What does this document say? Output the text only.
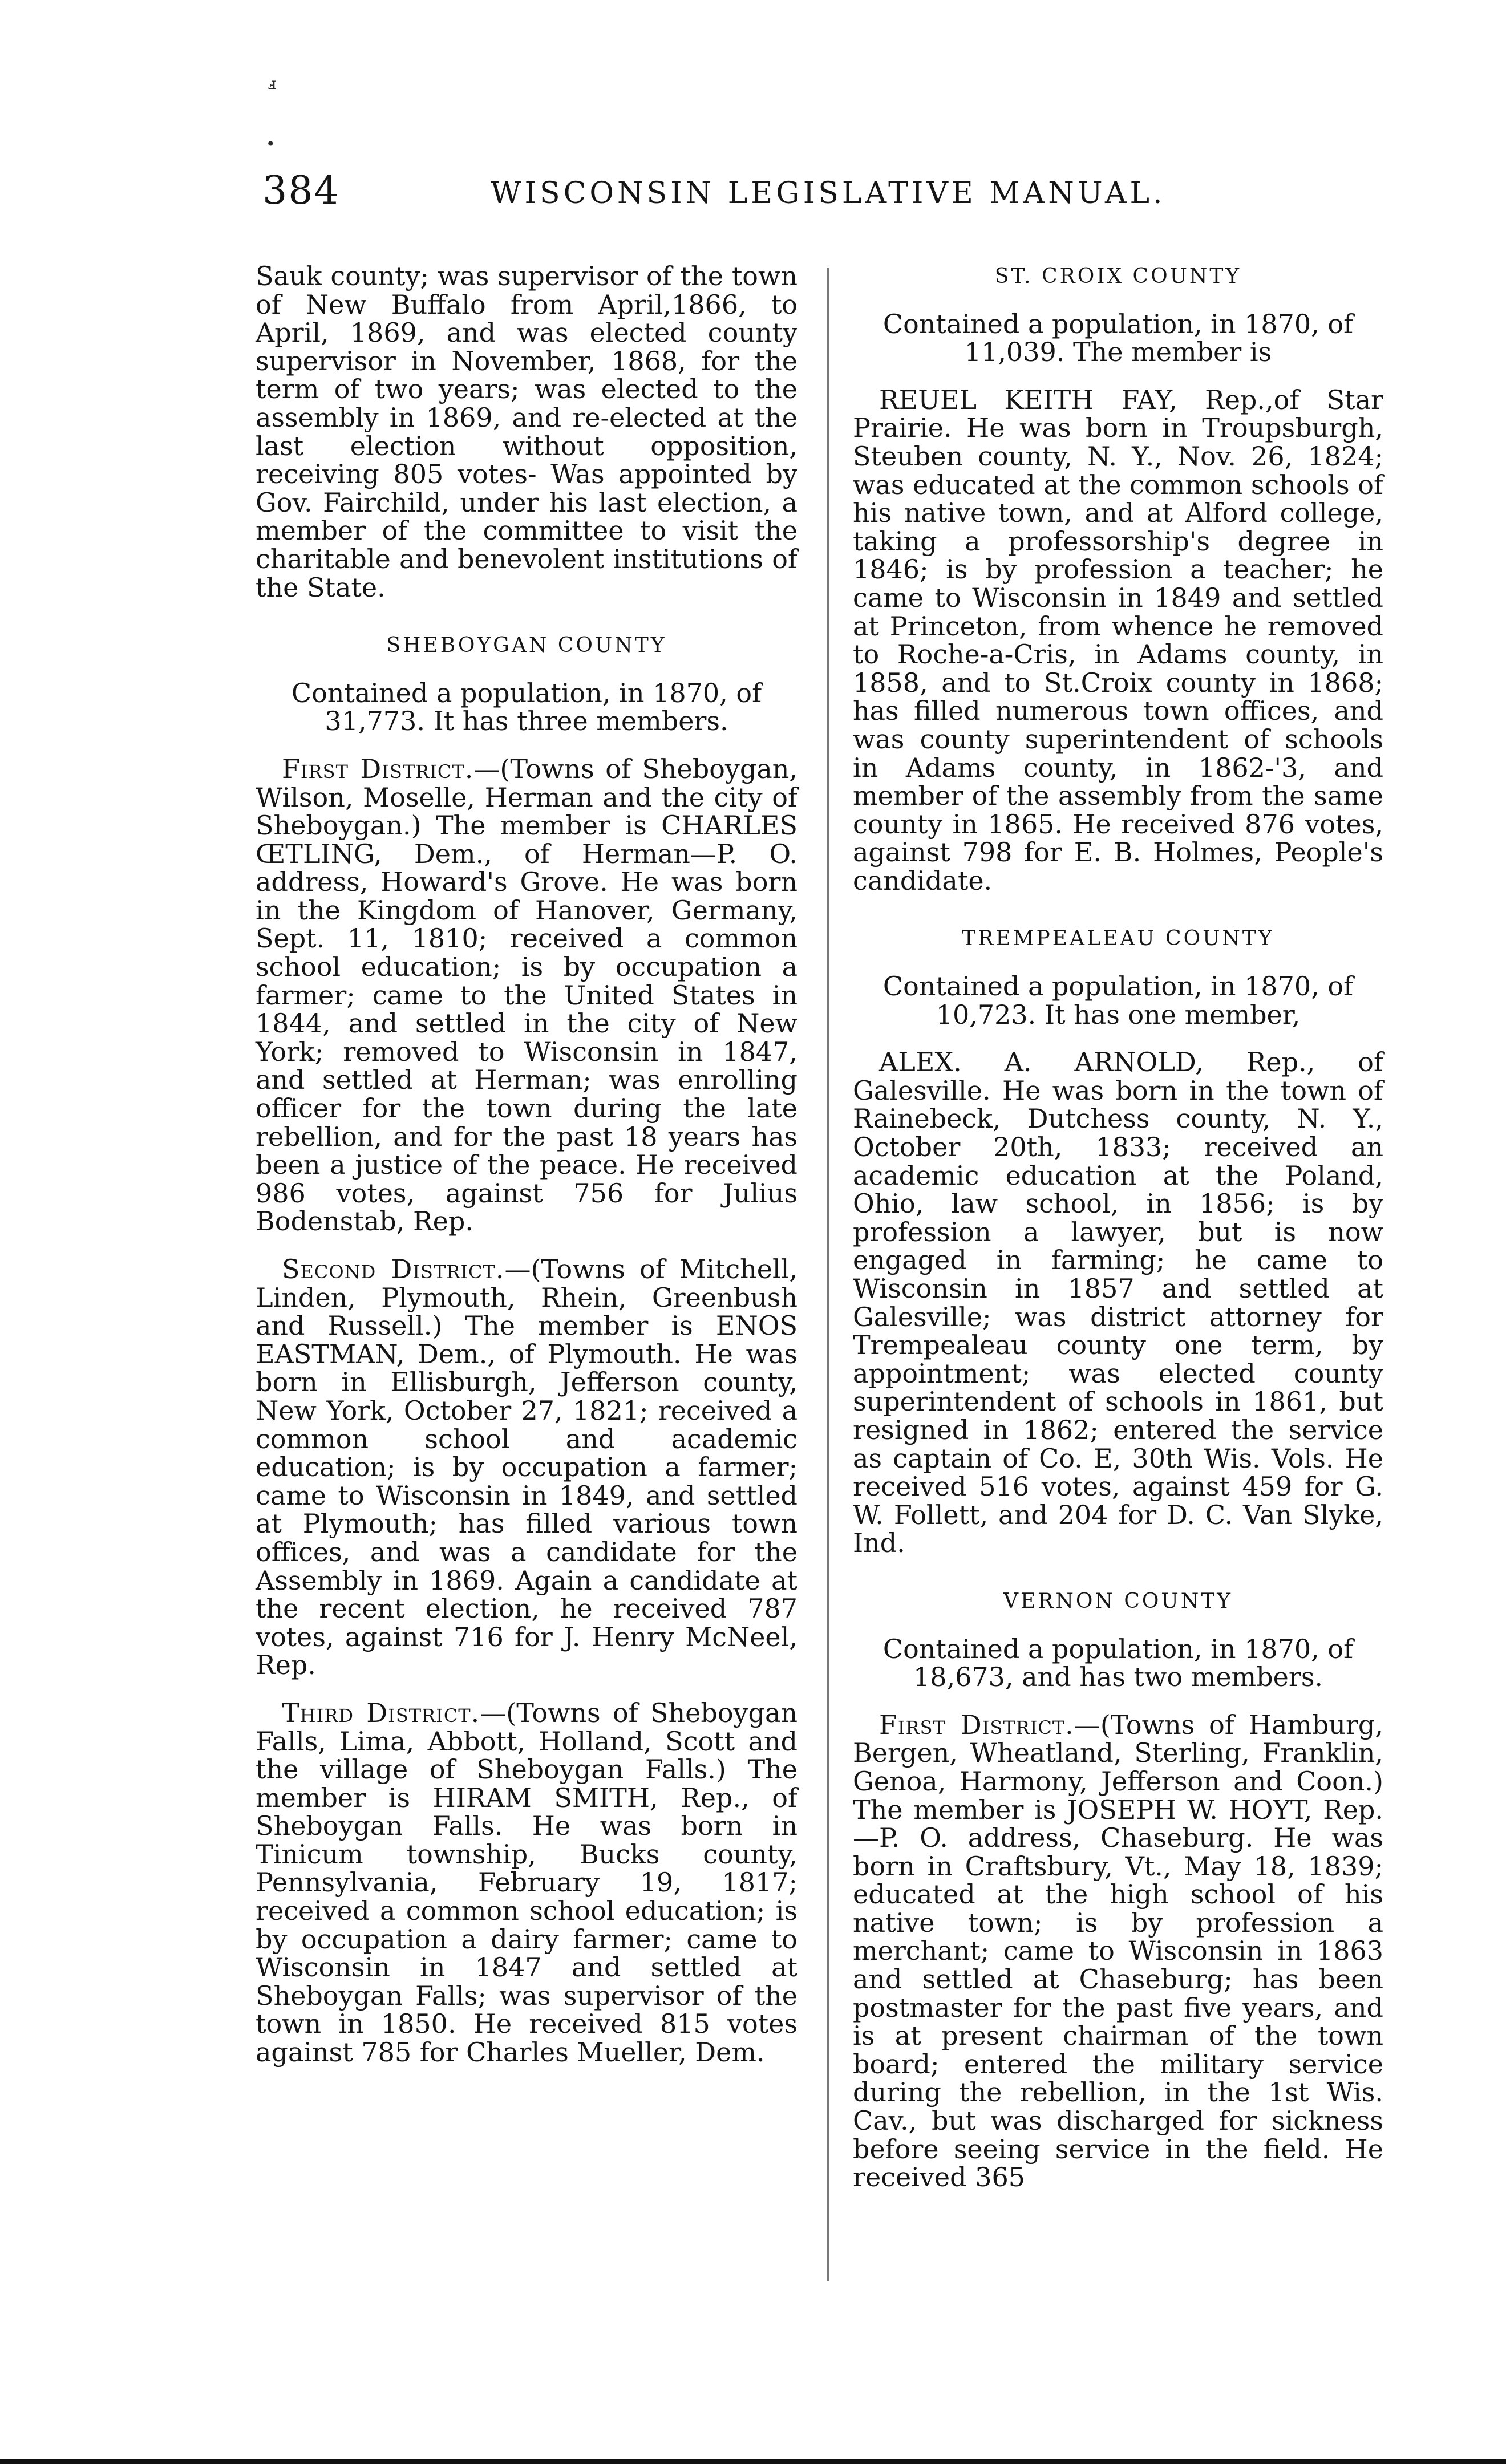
ⅎ
•
384	WISCONSIN LEGISLATIVE MANUAL.

Sauk county; was supervisor of the town of New Buffalo from April,1866, to April, 1869, and was elected county supervisor in November, 1868, for the term of two years; was elected to the assembly in 1869, and re-elected at the last election without opposition, receiving 805 votes- Was appointed by Gov. Fairchild, under his last election, a member of the committee to visit the charitable and benevolent institutions of the State.

SHEBOYGAN COUNTY

Contained a population, in 1870, of 31,773. It has three members.

First District.—(Towns of Sheboygan, Wilson, Moselle, Herman and the city of Sheboygan.) The member is CHARLES ŒTLING, Dem., of Herman—P. O. address, Howard's Grove. He was born in the Kingdom of Hanover, Germany, Sept. 11, 1810; received a common school education; is by occupation a farmer; came to the United States in 1844, and settled in the city of New York; removed to Wisconsin in 1847, and settled at Herman; was enrolling officer for the town during the late rebellion, and for the past 18 years has been a justice of the peace. He received 986 votes, against 756 for Julius Bodenstab, Rep.

Second District.—(Towns of Mitchell, Linden, Plymouth, Rhein, Greenbush and Russell.) The member is ENOS EASTMAN, Dem., of Plymouth. He was born in Ellisburgh, Jefferson county, New York, October 27, 1821; received a common school and academic education; is by occupation a farmer; came to Wisconsin in 1849, and settled at Plymouth; has filled various town offices, and was a candidate for the Assembly in 1869. Again a candidate at the recent election, he received 787 votes, against 716 for J. Henry McNeel, Rep.

Third District.—(Towns of Sheboygan Falls, Lima, Abbott, Holland, Scott and the village of Sheboygan Falls.) The member is HIRAM SMITH, Rep., of Sheboygan Falls. He was born in Tinicum township, Bucks county, Pennsylvania, February 19, 1817; received a common school education; is by occupation a dairy farmer; came to Wisconsin in 1847 and settled at Sheboygan Falls; was supervisor of the town in 1850. He received 815 votes against 785 for Charles Mueller, Dem.

ST. CROIX COUNTY

Contained a population, in 1870, of 11,039. The member is

REUEL KEITH FAY, Rep.,of Star Prairie. He was born in Troupsburgh, Steuben county, N. Y., Nov. 26, 1824; was educated at the common schools of his native town, and at Alford college, taking a professorship's degree in 1846; is by profession a teacher; he came to Wisconsin in 1849 and settled at Princeton, from whence he removed to Roche-a-Cris, in Adams county, in 1858, and to St.Croix county in 1868; has filled numerous town offices, and was county superintendent of schools in Adams county, in 1862-'3, and member of the assembly from the same county in 1865. He received 876 votes, against 798 for E. B. Holmes, People's candidate.

TREMPEALEAU COUNTY

Contained a population, in 1870, of 10,723. It has one member,

ALEX. A. ARNOLD, Rep., of Galesville. He was born in the town of Rainebeck, Dutchess county, N. Y., October 20th, 1833; received an academic education at the Poland, Ohio, law school, in 1856; is by profession a lawyer, but is now engaged in farming; he came to Wisconsin in 1857 and settled at Galesville; was district attorney for Trempealeau county one term, by appointment; was elected county superintendent of schools in 1861, but resigned in 1862; entered the service as captain of Co. E, 30th Wis. Vols. He received 516 votes, against 459 for G. W. Follett, and 204 for D. C. Van Slyke, Ind.

VERNON COUNTY

Contained a population, in 1870, of 18,673, and has two members.

First District.—(Towns of Hamburg, Bergen, Wheatland, Sterling, Franklin, Genoa, Harmony, Jefferson and Coon.) The member is JOSEPH W. HOYT, Rep.—P. O. address, Chaseburg. He was born in Craftsbury, Vt., May 18, 1839; educated at the high school of his native town; is by profession a merchant; came to Wisconsin in 1863 and settled at Chaseburg; has been postmaster for the past five years, and is at present chairman of the town board; entered the military service during the rebellion, in the 1st Wis. Cav., but was discharged for sickness before seeing service in the field. He received 365
